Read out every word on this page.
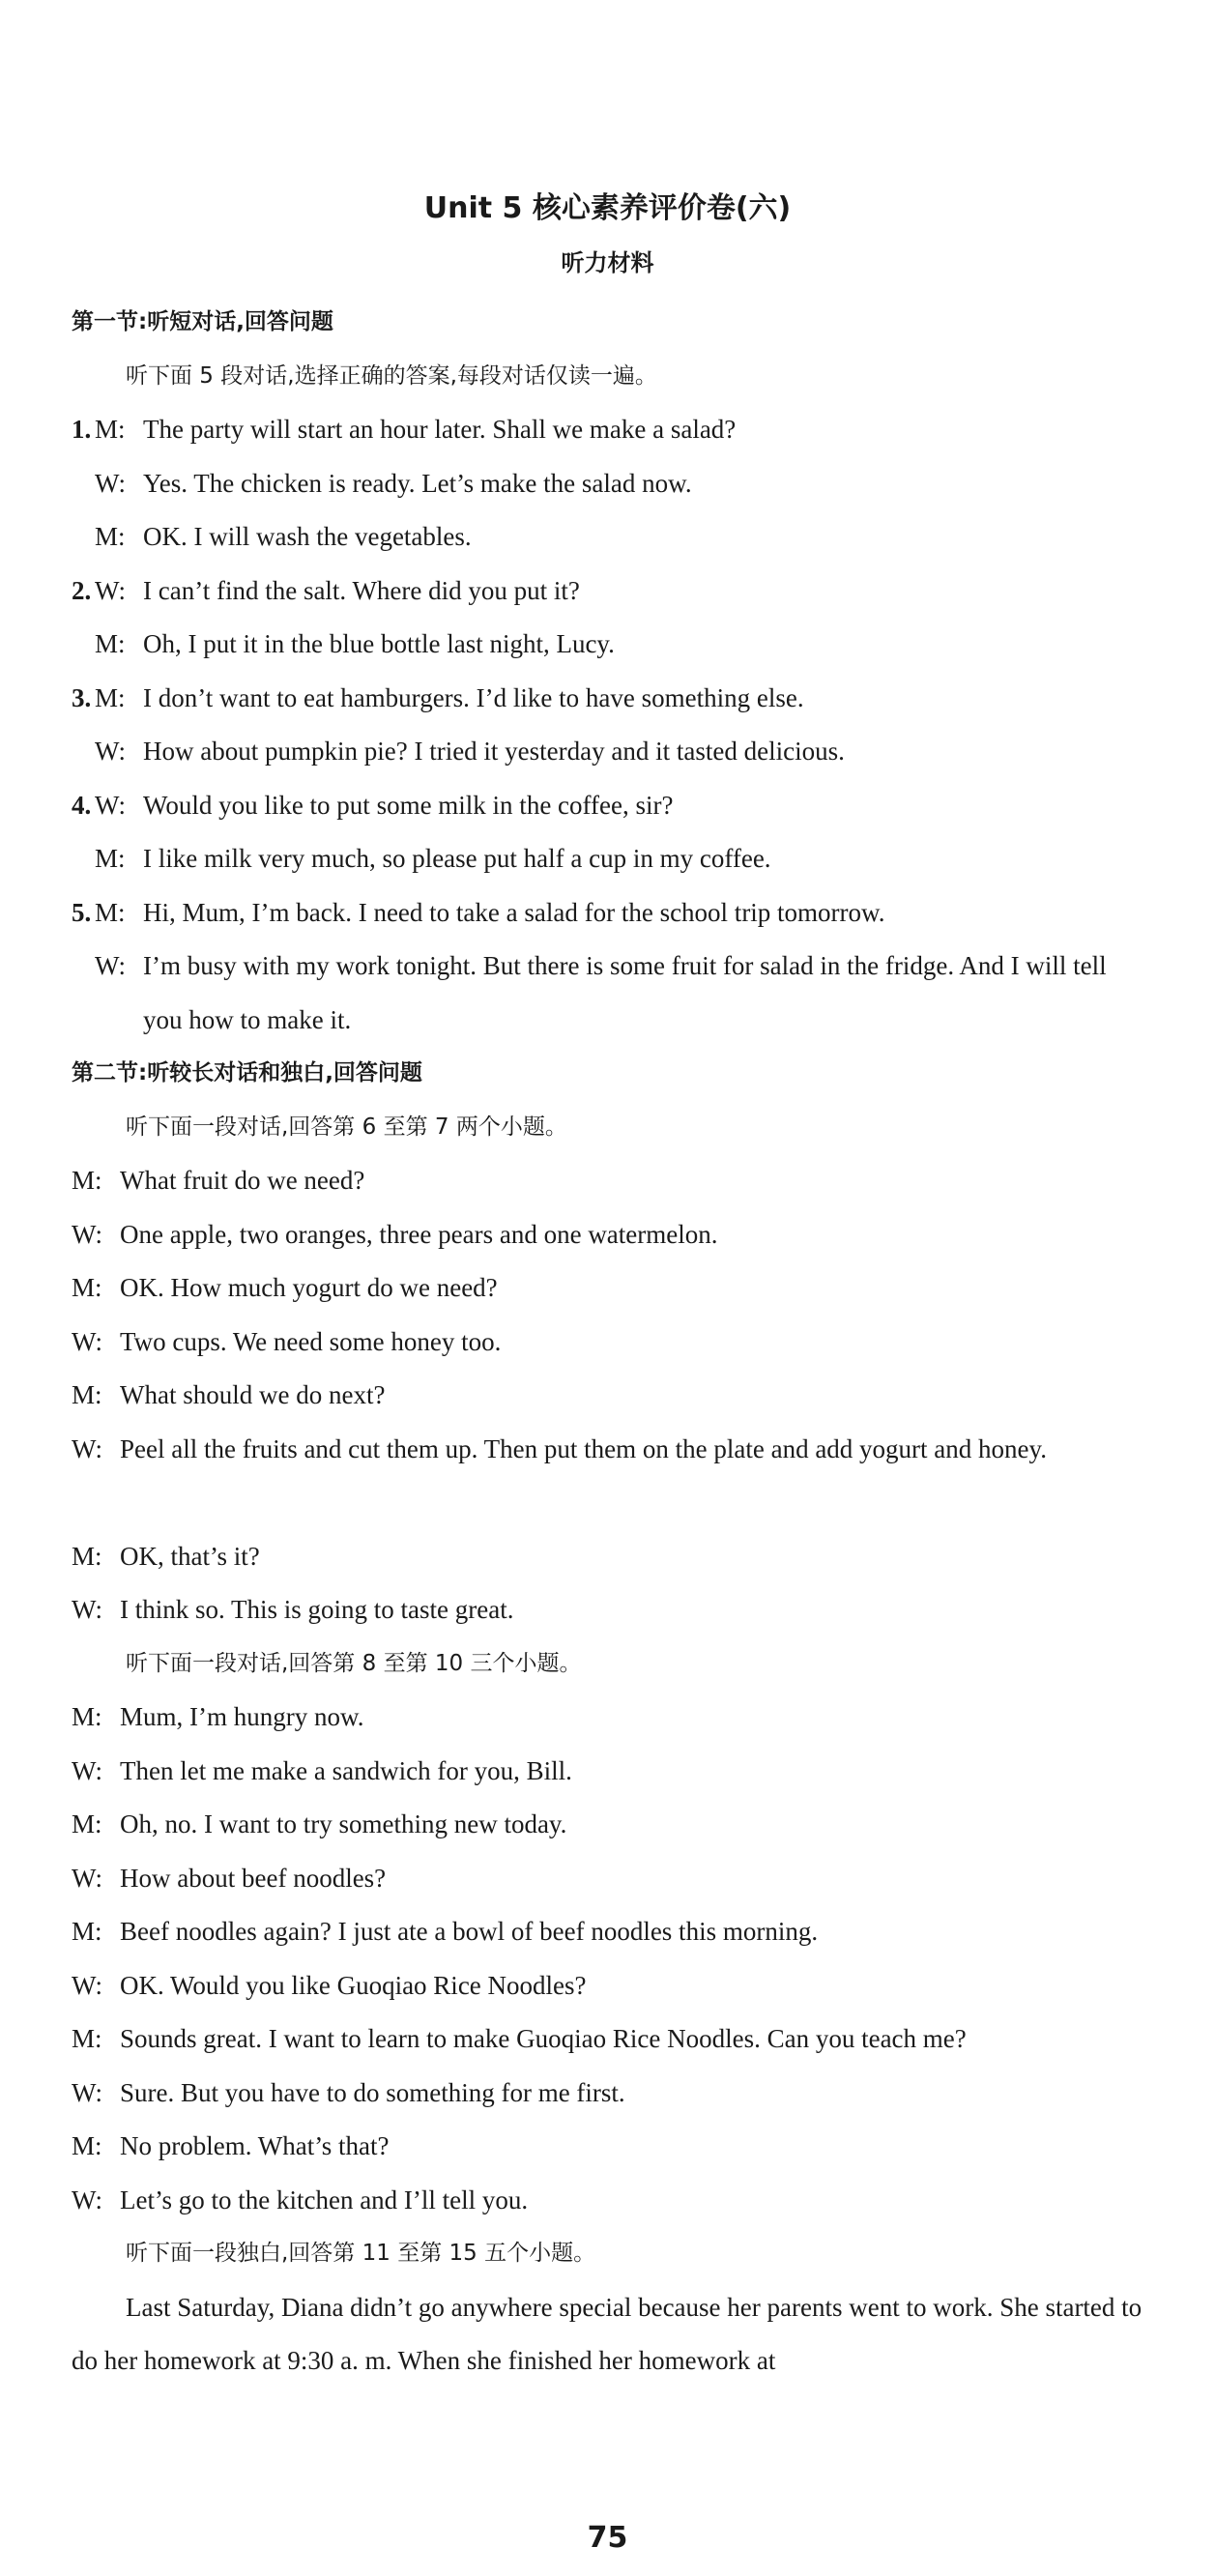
Unit 5 核心素养评价卷(六)
听力材料
第一节:听短对话,回答问题
听下面 5 段对话,选择正确的答案,每段对话仅读一遍。
1. M: The party will start an hour later. Shall we make a salad?
W: Yes. The chicken is ready. Let’s make the salad now.
M: OK. I will wash the vegetables.
2. W: I can’t find the salt. Where did you put it?
M: Oh, I put it in the blue bottle last night, Lucy.
3. M: I don’t want to eat hamburgers. I’d like to have something else.
W: How about pumpkin pie? I tried it yesterday and it tasted delicious.
4. W: Would you like to put some milk in the coffee, sir?
M: I like milk very much, so please put half a cup in my coffee.
5. M: Hi, Mum, I’m back. I need to take a salad for the school trip tomorrow.
W: I’m busy with my work tonight. But there is some fruit for salad in the fridge. And I will tell you how to make it.
第二节:听较长对话和独白,回答问题
听下面一段对话,回答第 6 至第 7 两个小题。
M: What fruit do we need?
W: One apple, two oranges, three pears and one watermelon.
M: OK. How much yogurt do we need?
W: Two cups. We need some honey too.
M: What should we do next?
W: Peel all the fruits and cut them up. Then put them on the plate and add yogurt and honey.
M: OK, that’s it?
W: I think so. This is going to taste great.
听下面一段对话,回答第 8 至第 10 三个小题。
M: Mum, I’m hungry now.
W: Then let me make a sandwich for you, Bill.
M: Oh, no. I want to try something new today.
W: How about beef noodles?
M: Beef noodles again? I just ate a bowl of beef noodles this morning.
W: OK. Would you like Guoqiao Rice Noodles?
M: Sounds great. I want to learn to make Guoqiao Rice Noodles. Can you teach me?
W: Sure. But you have to do something for me first.
M: No problem. What’s that?
W: Let’s go to the kitchen and I’ll tell you.
听下面一段独白,回答第 11 至第 15 五个小题。
Last Saturday, Diana didn’t go anywhere special because her parents went to work. She started to do her homework at 9:30 a. m. When she finished her homework at
75
